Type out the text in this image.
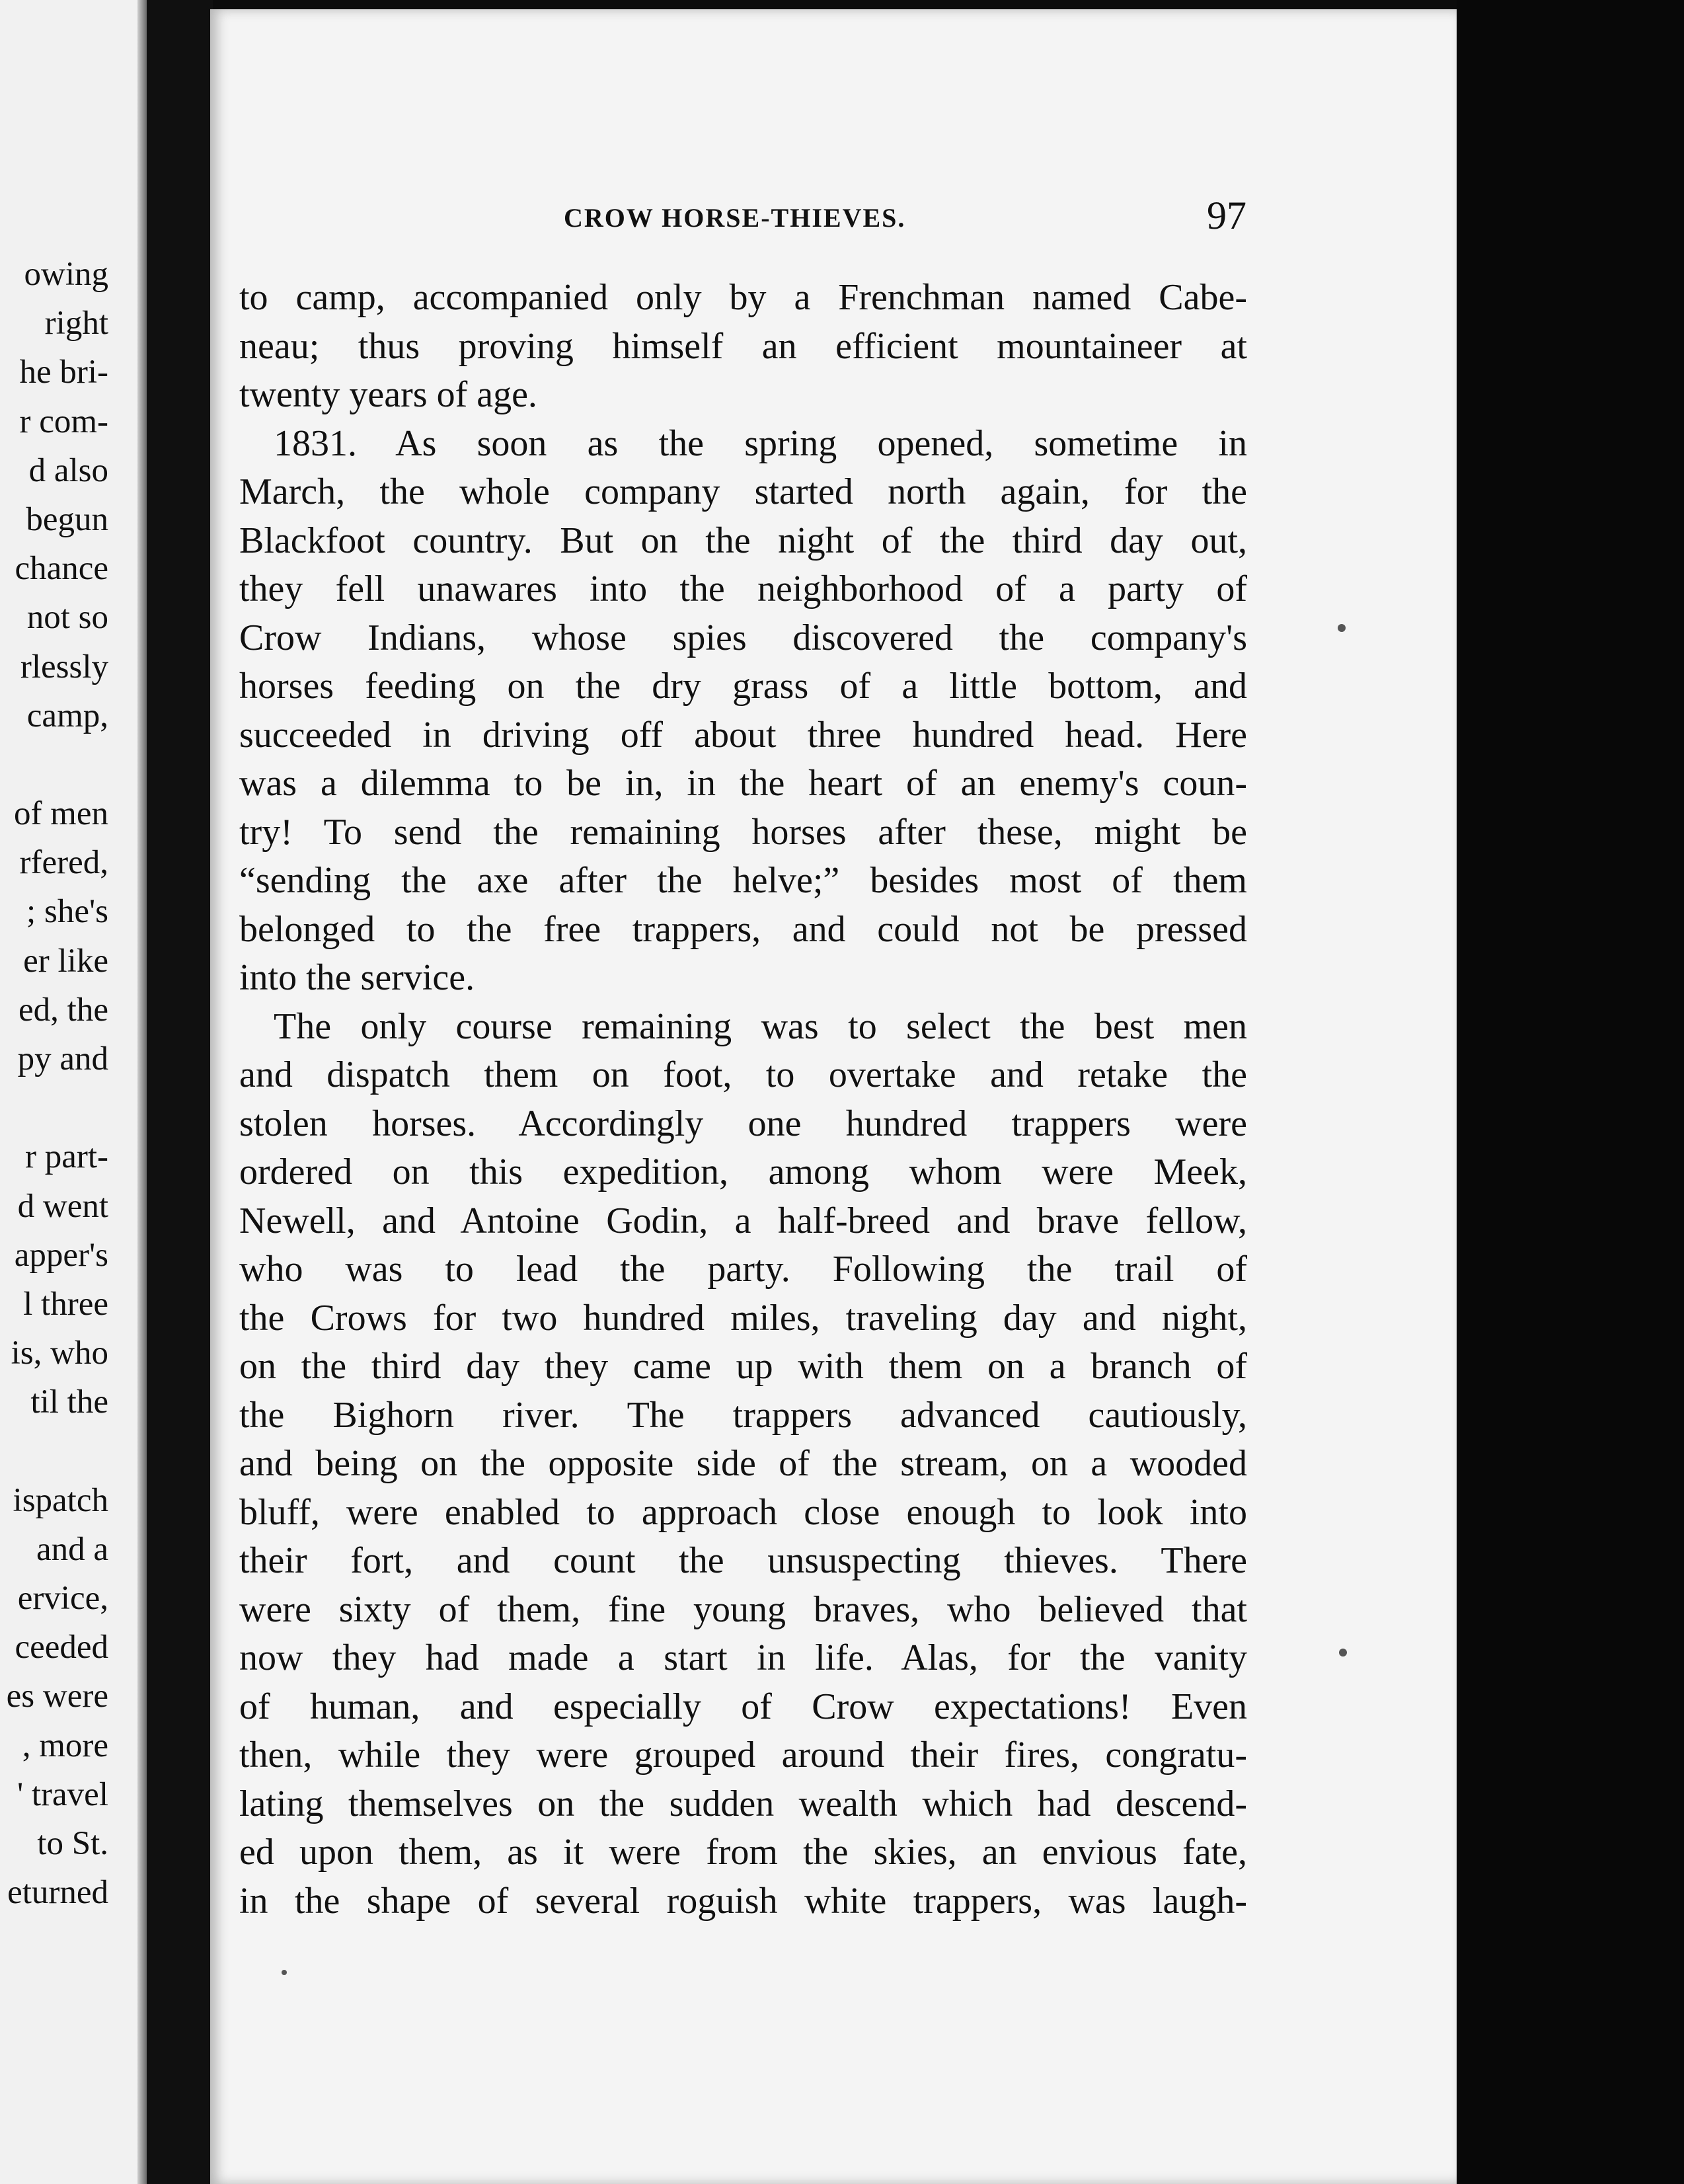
owing
right
he bri-
r com-
d also
begun
chance
not so
rlessly
camp,
of men
rfered,
; she's
er like
ed, the
py and
r part-
d went
apper's
l three
is, who
til the
ispatch
and a
ervice,
ceeded
es were
, more
' travel
to St.
eturned
CROW HORSE-THIEVES.	97
to camp, accompanied only by a Frenchman named Cabe-
neau; thus proving himself an efficient mountaineer at
twenty years of age.
1831. As soon as the spring opened, sometime in
March, the whole company started north again, for the
Blackfoot country. But on the night of the third day out,
they fell unawares into the neighborhood of a party of
Crow Indians, whose spies discovered the company's
horses feeding on the dry grass of a little bottom, and
succeeded in driving off about three hundred head. Here
was a dilemma to be in, in the heart of an enemy's coun-
try! To send the remaining horses after these, might be
“sending the axe after the helve;” besides most of them
belonged to the free trappers, and could not be pressed
into the service.
The only course remaining was to select the best men
and dispatch them on foot, to overtake and retake the
stolen horses. Accordingly one hundred trappers were
ordered on this expedition, among whom were Meek,
Newell, and Antoine Godin, a half-breed and brave fellow,
who was to lead the party. Following the trail of
the Crows for two hundred miles, traveling day and night,
on the third day they came up with them on a branch of
the Bighorn river. The trappers advanced cautiously,
and being on the opposite side of the stream, on a wooded
bluff, were enabled to approach close enough to look into
their fort, and count the unsuspecting thieves. There
were sixty of them, fine young braves, who believed that
now they had made a start in life. Alas, for the vanity
of human, and especially of Crow expectations! Even
then, while they were grouped around their fires, congratu-
lating themselves on the sudden wealth which had descend-
ed upon them, as it were from the skies, an envious fate,
in the shape of several roguish white trappers, was laugh-
